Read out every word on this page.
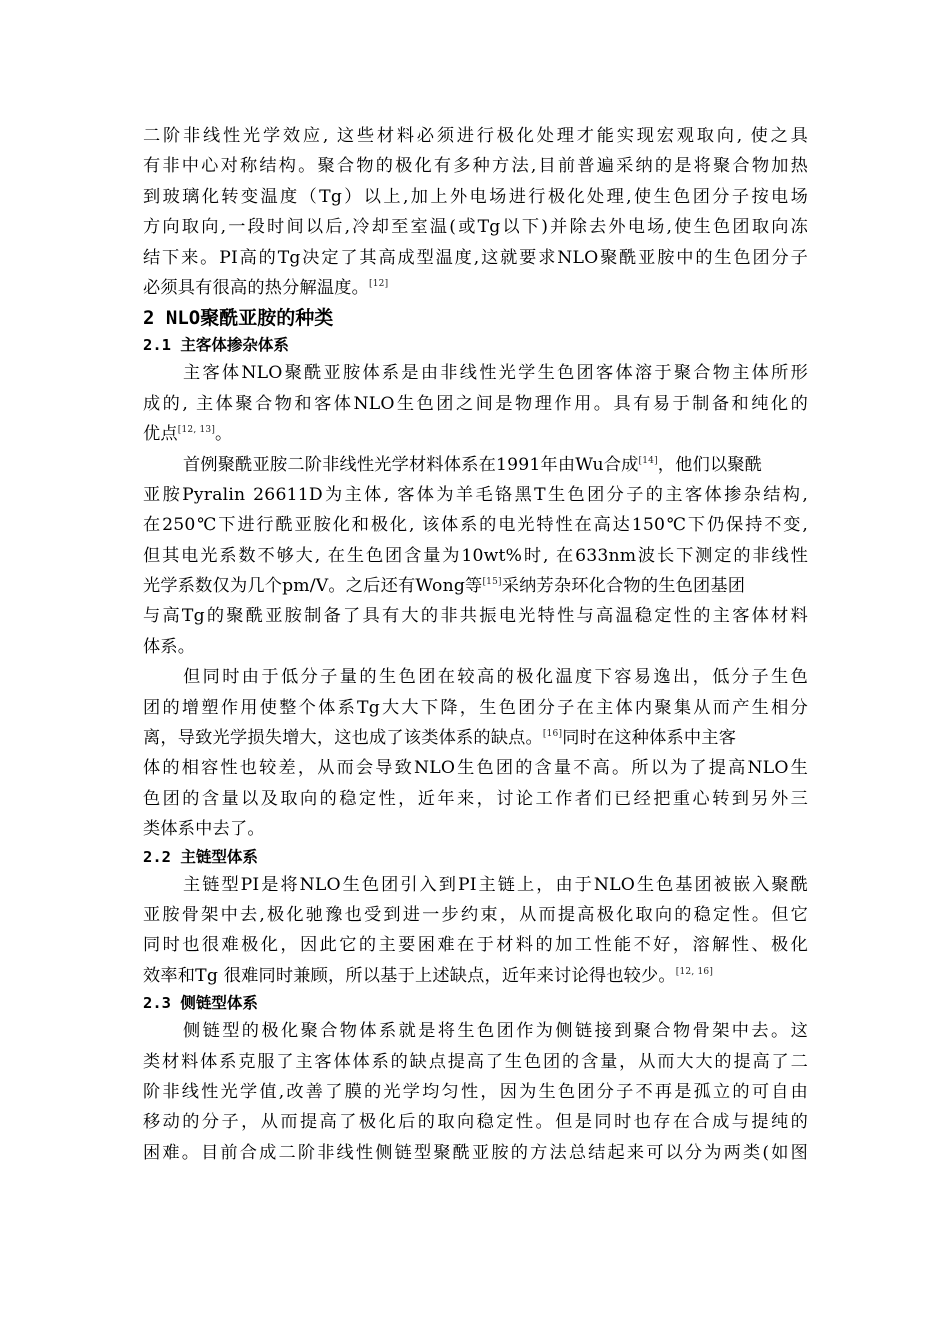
二阶非线性光学效应, 这些材料必须进行极化处理才能实现宏观取向, 使之具
有非中心对称结构。聚合物的极化有多种方法,目前普遍采纳的是将聚合物加热
到玻璃化转变温度（Tg）以上,加上外电场进行极化处理,使生色团分子按电场
方向取向,一段时间以后,冷却至室温(或Tg以下)并除去外电场,使生色团取向冻
结下来。PI高的Tg决定了其高成型温度,这就要求NLO聚酰亚胺中的生色团分子
必须具有很高的热分解温度。[12]
2 NLO聚酰亚胺的种类
2.1 主客体掺杂体系
主客体NLO聚酰亚胺体系是由非线性光学生色团客体溶于聚合物主体所形
成的, 主体聚合物和客体NLO生色团之间是物理作用。具有易于制备和纯化的
优点[12, 13]。
首例聚酰亚胺二阶非线性光学材料体系在1991年由Wu合成[14]，他们以聚酰
亚胺Pyralin 26611D为主体, 客体为羊毛铬黑T生色团分子的主客体掺杂结构,
在250℃下进行酰亚胺化和极化, 该体系的电光特性在高达150℃下仍保持不变,
但其电光系数不够大, 在生色团含量为10wt%时, 在633nm波长下测定的非线性
光学系数仅为几个pm/V。之后还有Wong等[15]采纳芳杂环化合物的生色团基团
与高Tg的聚酰亚胺制备了具有大的非共振电光特性与高温稳定性的主客体材料
体系。
但同时由于低分子量的生色团在较高的极化温度下容易逸出，低分子生色
团的增塑作用使整个体系Tg大大下降，生色团分子在主体内聚集从而产生相分
离，导致光学损失增大，这也成了该类体系的缺点。[16]同时在这种体系中主客
体的相容性也较差，从而会导致NLO生色团的含量不高。所以为了提高NLO生
色团的含量以及取向的稳定性，近年来，讨论工作者们已经把重心转到另外三
类体系中去了。
2.2 主链型体系
主链型PI是将NLO生色团引入到PI主链上，由于NLO生色基团被嵌入聚酰
亚胺骨架中去,极化驰豫也受到进一步约束，从而提高极化取向的稳定性。但它
同时也很难极化，因此它的主要困难在于材料的加工性能不好，溶解性、极化
效率和Tg 很难同时兼顾，所以基于上述缺点，近年来讨论得也较少。[12, 16]
2.3 侧链型体系
侧链型的极化聚合物体系就是将生色团作为侧链接到聚合物骨架中去。这
类材料体系克服了主客体体系的缺点提高了生色团的含量，从而大大的提高了二
阶非线性光学值,改善了膜的光学均匀性，因为生色团分子不再是孤立的可自由
移动的分子，从而提高了极化后的取向稳定性。但是同时也存在合成与提纯的
困难。目前合成二阶非线性侧链型聚酰亚胺的方法总结起来可以分为两类(如图
